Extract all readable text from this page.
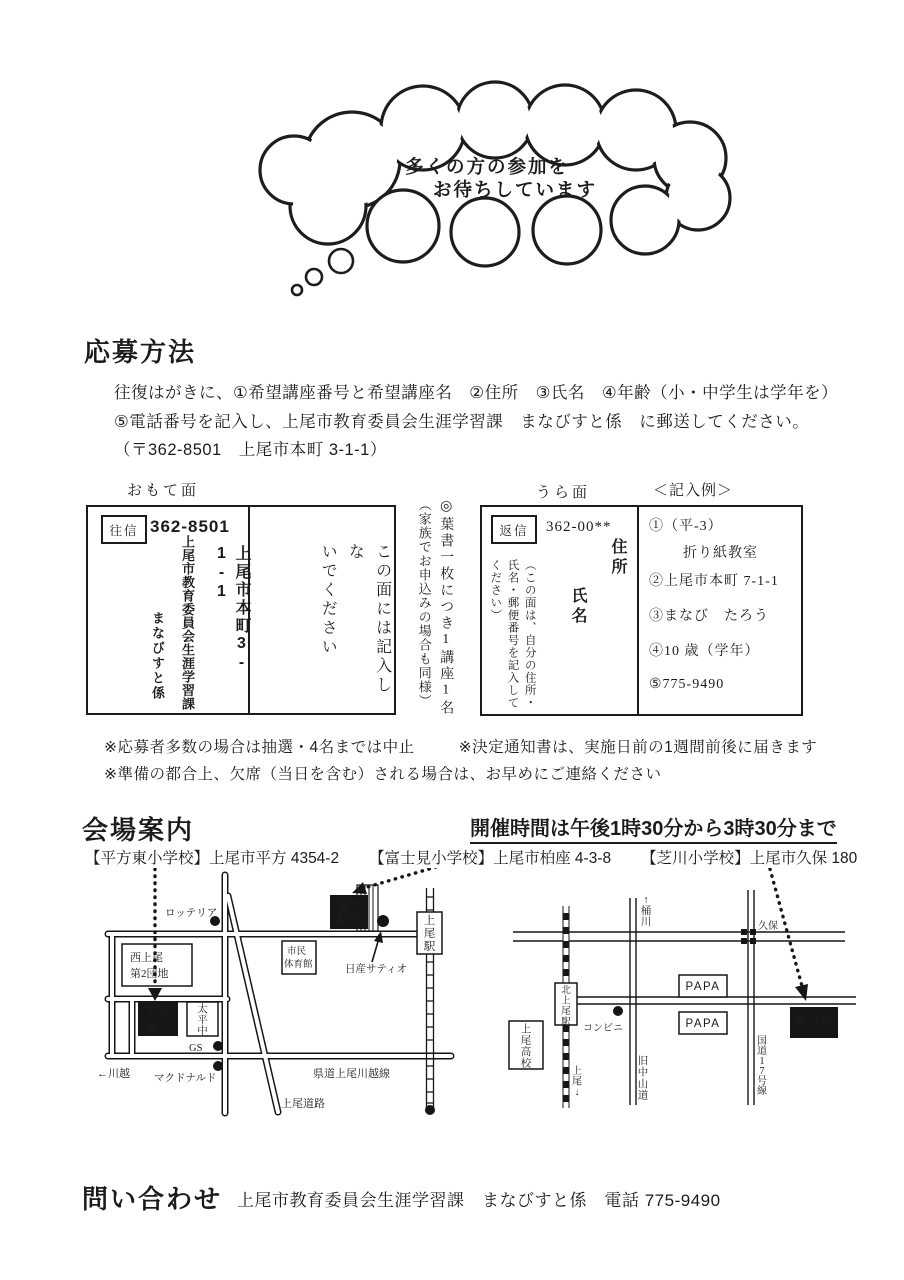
多くの方の参加を
お待ちしています
応募方法
往復はがきに、①希望講座番号と希望講座名　②住所　③氏名　④年齢（小・中学生は学年を）
⑤電話番号を記入し、上尾市教育委員会生涯学習課　まなびすと係　に郵送してください。
（〒362-8501　上尾市本町 3-1-1）
おもて面	うら面	＜記入例＞
往信 362-8501
上尾市本町3-1-1
上尾市教育委員会生涯学習課
まなびすと係	この面には記入しな
いでください	◎葉書一枚につき1講座1名
（家族でお申込みの場合も同様）	返信	362-00**
住所
氏名
（この面は、自分の住所・
氏名・郵便番号を記入して
ください）
①（平-3）
折り紙教室
②上尾市本町 7-1-1
③まなび　たろう
④10 歳（学年）
⑤775-9490
※応募者多数の場合は抽選・4名までは中止	※決定通知書は、実施日前の1週間前後に届きます
※準備の都合上、欠席（当日を含む）される場合は、お早めにご連絡ください
会場案内	開催時間は午後1時30分から3時30分まで
【平方東小学校】上尾市平方 4354-2 【富士見小学校】上尾市柏座 4-3-8 【芝川小学校】上尾市久保 180
ロッテリア
西上尾
第2団地
GS
マクドナルド
←川越
日産サティオ
県道上尾川越線
上尾道路
コンビニ
久保
市民
体育館
PAPA
PAPA
平方
東小
富士
見小
芝川小
太平中
上尾駅
北上尾駅
上尾高校
↑桶川
上尾↓
旧中山道
国道 1 7 号線
問い合わせ 上尾市教育委員会生涯学習課　まなびすと係　電話 775-9490
